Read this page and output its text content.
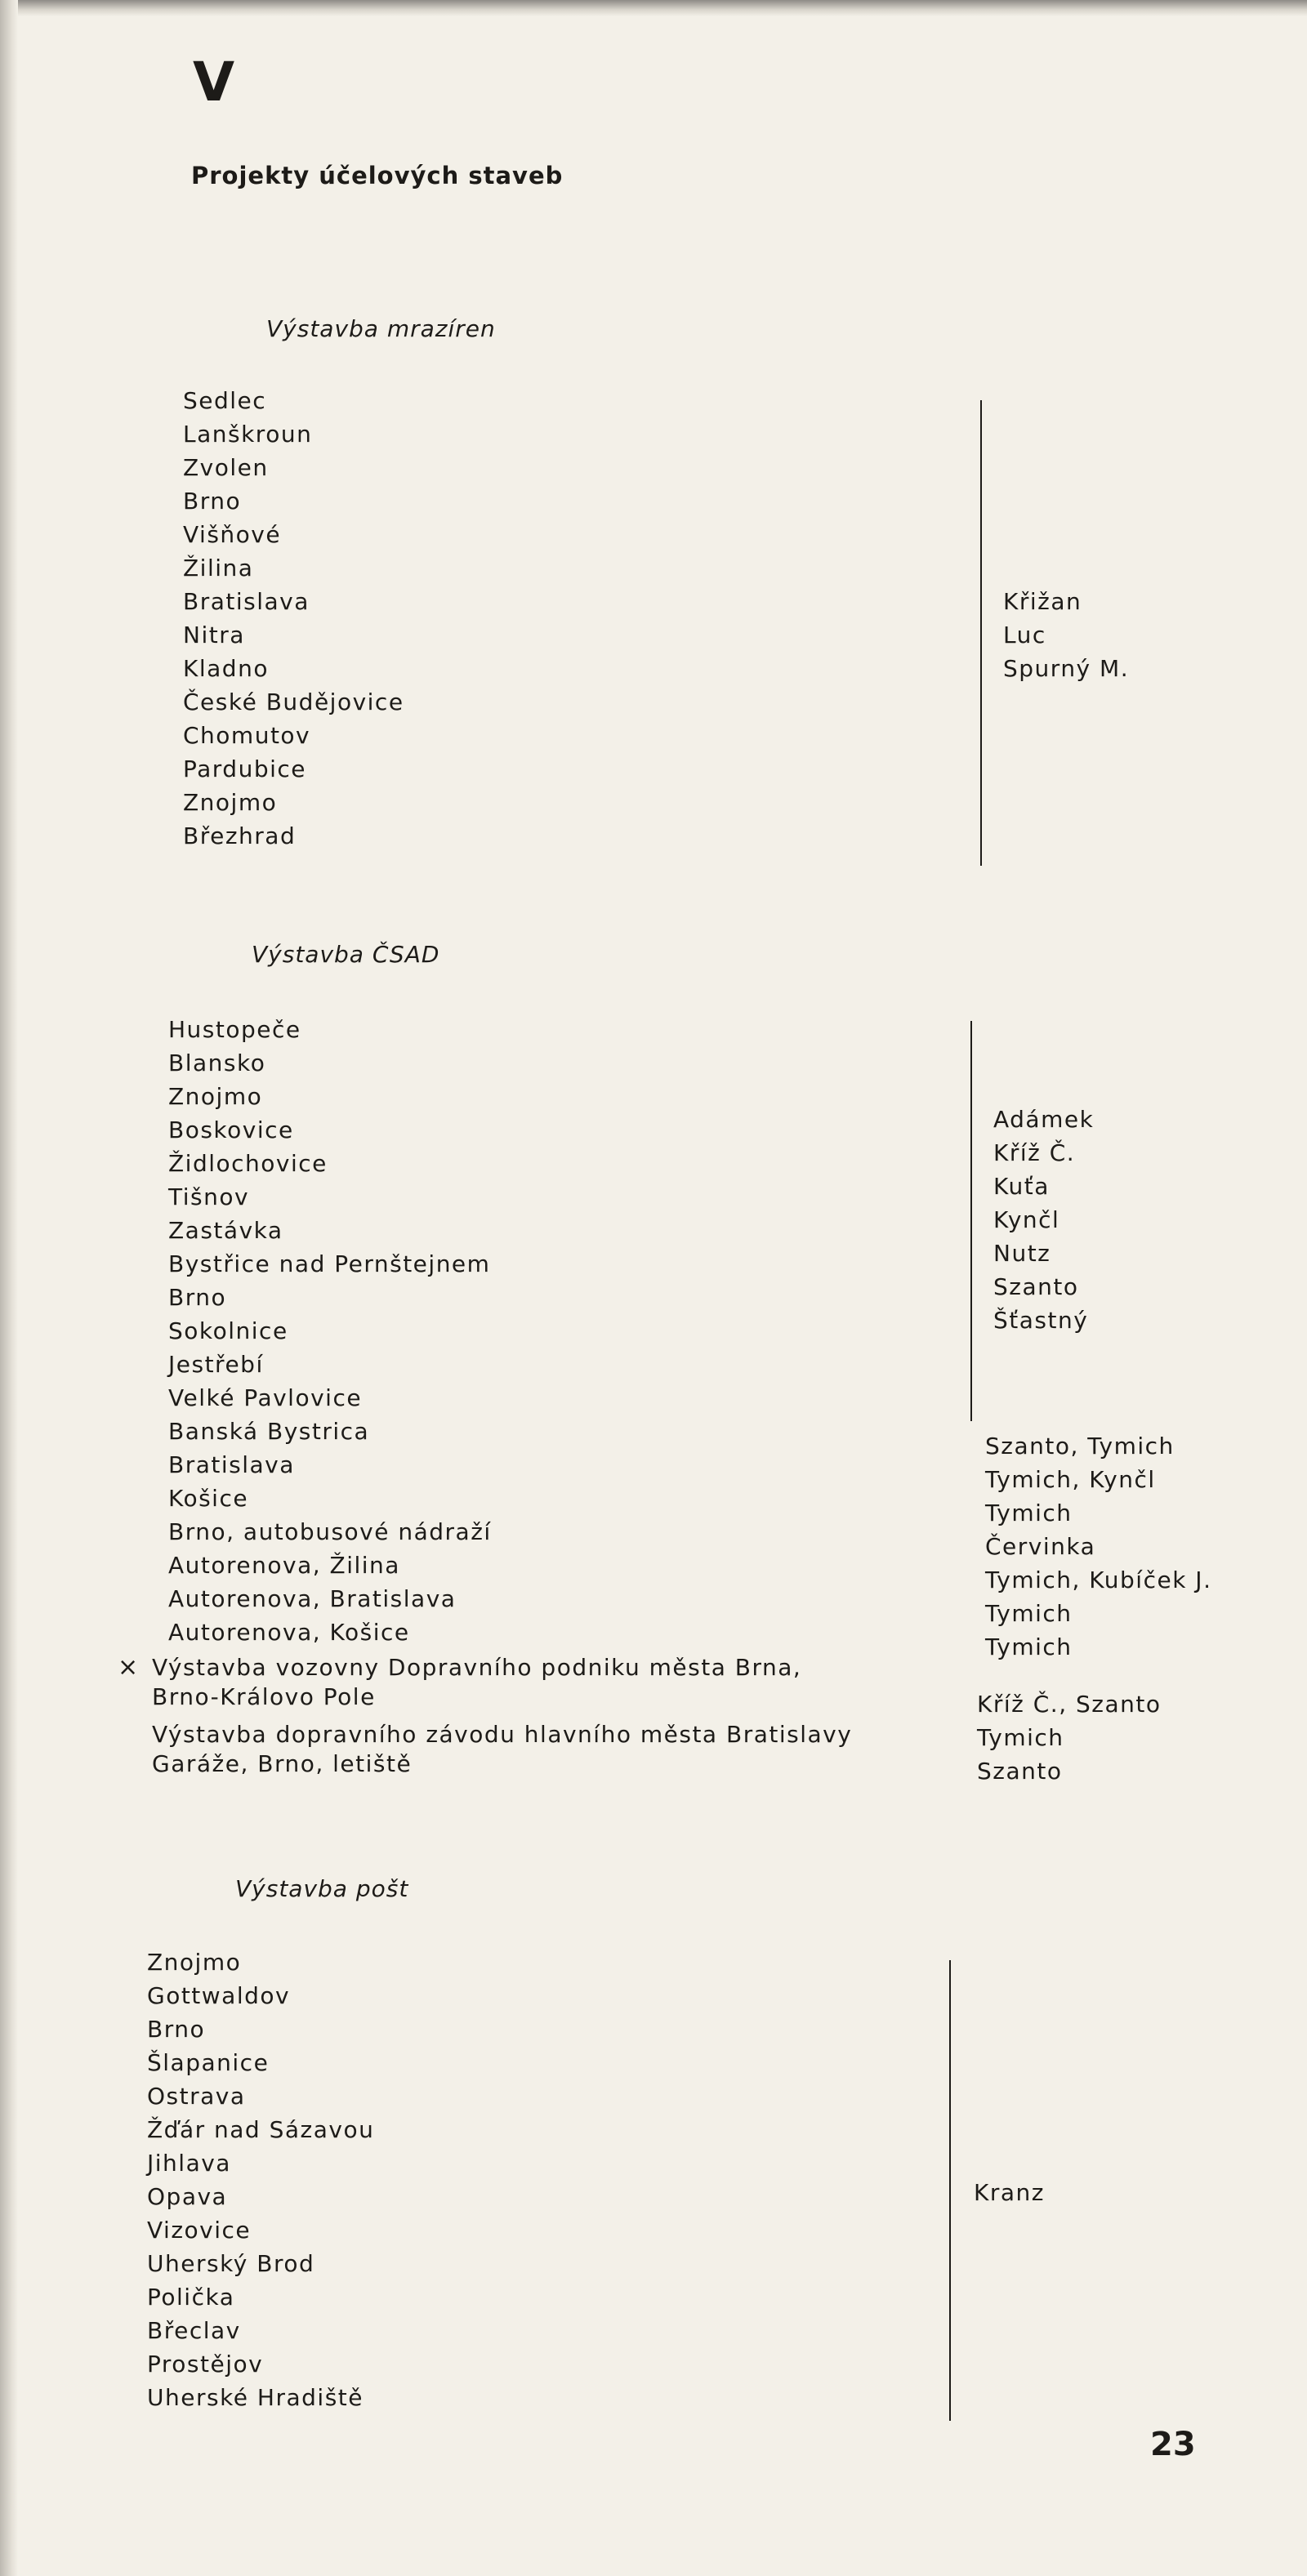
V
Projekty účelových staveb
Výstavba mrazíren
Sedlec
Lanškroun
Zvolen
Brno
Višňové
Žilina
Bratislava
Nitra
Kladno
České Budějovice
Chomutov
Pardubice
Znojmo
Březhrad
Křižan
Luc
Spurný M.
Výstavba ČSAD
Hustopeče
Blansko
Znojmo
Boskovice
Židlochovice
Tišnov
Zastávka
Bystřice nad Pernštejnem
Brno
Sokolnice
Jestřebí
Velké Pavlovice
Banská Bystrica
Bratislava
Košice
Brno, autobusové nádraží
Autorenova, Žilina
Autorenova, Bratislava
Autorenova, Košice
Adámek
Kříž Č.
Kuťa
Kynčl
Nutz
Szanto
Šťastný
Szanto, Tymich
Tymich, Kynčl
Tymich
Červinka
Tymich, Kubíček J.
Tymich
Tymich
× Výstavba vozovny Dopravního podniku města Brna,
Brno-Královo Pole
Výstavba dopravního závodu hlavního města Bratislavy
Garáže, Brno, letiště
Kříž Č., Szanto
Tymich
Szanto
Výstavba pošt
Znojmo
Gottwaldov
Brno
Šlapanice
Ostrava
Žďár nad Sázavou
Jihlava
Opava
Vizovice
Uherský Brod
Polička
Břeclav
Prostějov
Uherské Hradiště
Kranz
23
